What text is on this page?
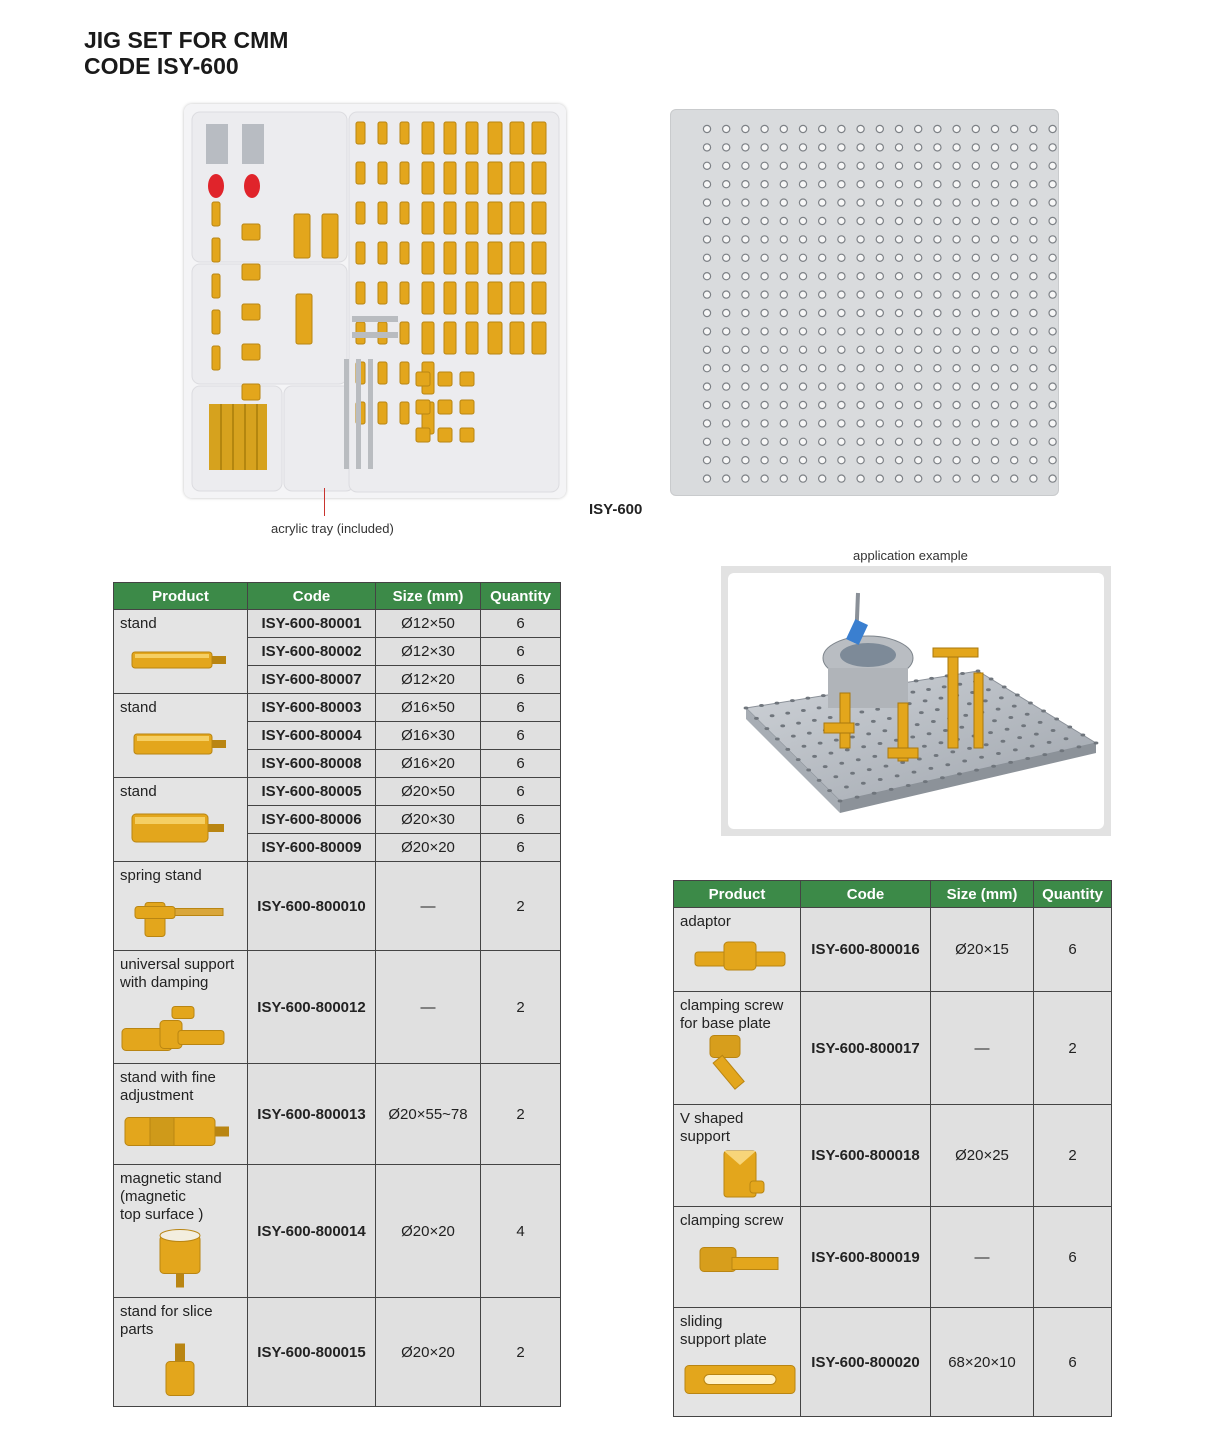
JIG SET FOR CMM
CODE ISY-600
acrylic tray (included)
ISY-600
application example
Product	Code	Size (mm)	Quantity

stand	ISY-600-80001	Ø12×50	6
	ISY-600-80002	Ø12×30	6
	ISY-600-80007	Ø12×20	6

stand	ISY-600-80003	Ø16×50	6
	ISY-600-80004	Ø16×30	6
	ISY-600-80008	Ø16×20	6

stand	ISY-600-80005	Ø20×50	6
	ISY-600-80006	Ø20×30	6
	ISY-600-80009	Ø20×20	6

spring stand	ISY-600-800010	—	2

universal support
with damping	ISY-600-800012	—	2

stand with fine
adjustment	ISY-600-800013	Ø20×55~78	2

magnetic stand
(magnetic
top surface )	ISY-600-800014	Ø20×20	4

stand for slice
parts	ISY-600-800015	Ø20×20	2
Product	Code	Size (mm)	Quantity

adaptor	ISY-600-800016	Ø20×15	6

clamping screw
for base plate	ISY-600-800017	—	2

V shaped
support	ISY-600-800018	Ø20×25	2

clamping screw	ISY-600-800019	—	6

sliding
support plate	ISY-600-800020	68×20×10	6
